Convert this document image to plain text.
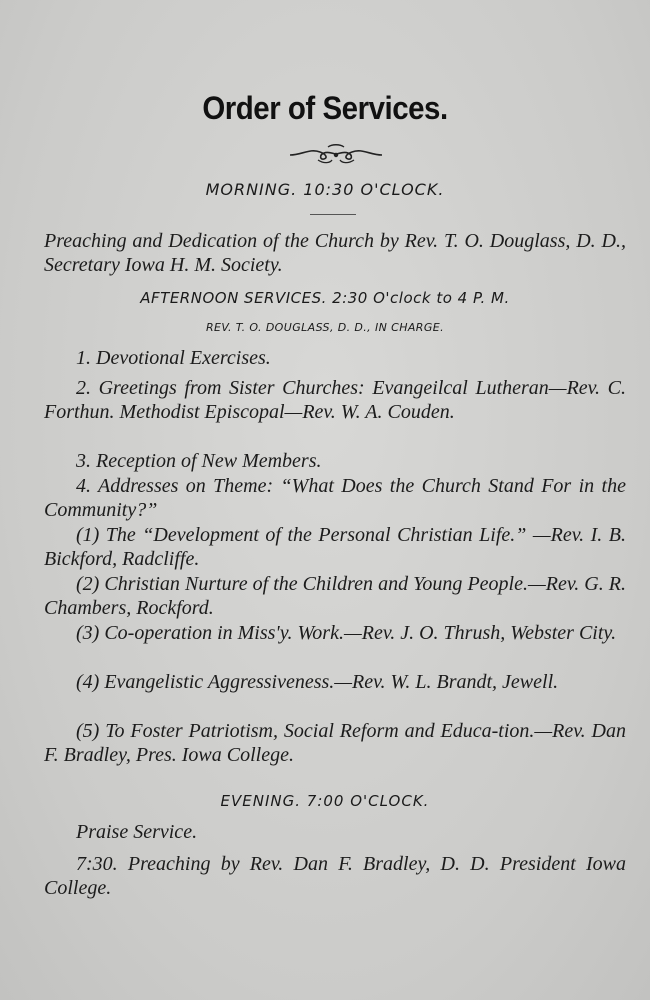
Order of Services.
MORNING. 10:30 O'CLOCK.

Preaching and Dedication of the Church by Rev. T. O. Douglass, D. D., Secretary Iowa H. M. Society.

AFTERNOON SERVICES. 2:30 O'clock to 4 P. M.
REV. T. O. DOUGLASS, D. D., IN CHARGE.

1. Devotional Exercises.

2. Greetings from Sister Churches: Evangeilcal Lutheran—Rev. C. Forthun. Methodist Episcopal—Rev. W. A. Couden.

3. Reception of New Members.

4. Addresses on Theme: “What Does the Church Stand For in the Community?”

(1) The “Development of the Personal Christian Life.” —Rev. I. B. Bickford, Radcliffe.

(2) Christian Nurture of the Children and Young People.—Rev. G. R. Chambers, Rockford.

(3) Co-operation in Miss'y. Work.—Rev. J. O. Thrush, Webster City.

(4) Evangelistic Aggressiveness.—Rev. W. L. Brandt, Jewell.

(5) To Foster Patriotism, Social Reform and Educa-tion.—Rev. Dan F. Bradley, Pres. Iowa College.

EVENING. 7:00 O'CLOCK.

Praise Service.

7:30. Preaching by Rev. Dan F. Bradley, D. D. President Iowa College.
